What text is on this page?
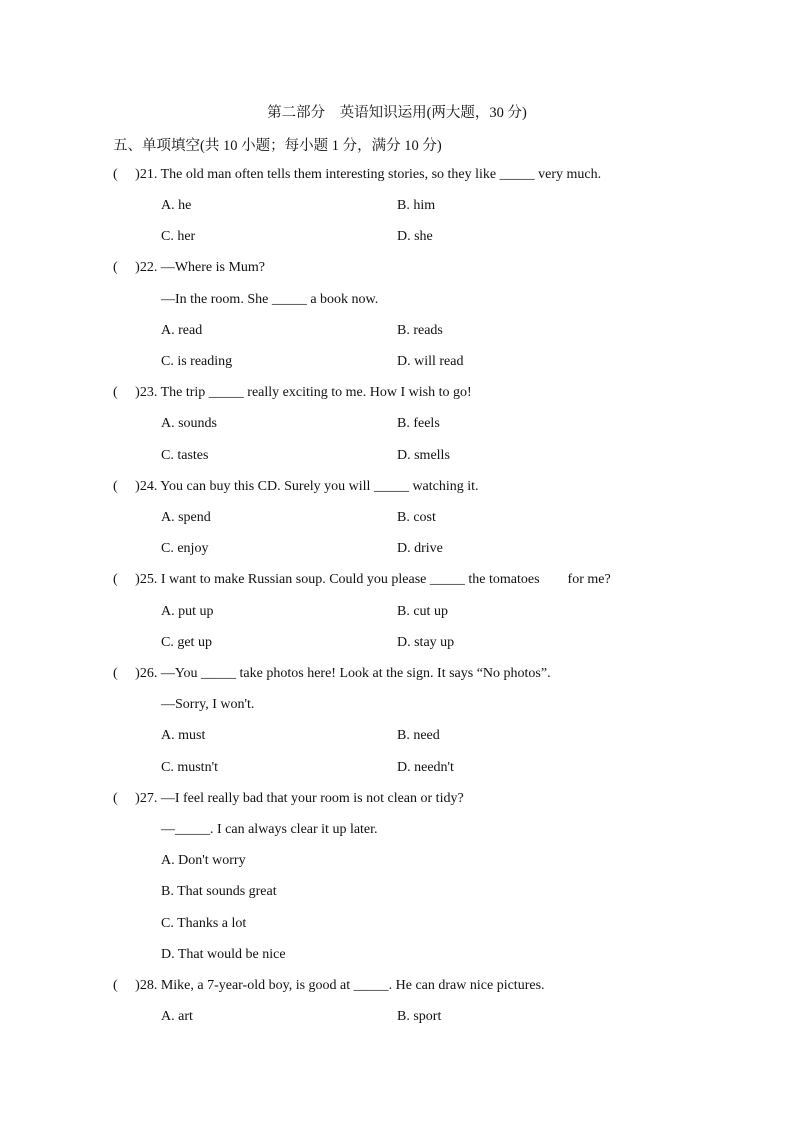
第二部分　英语知识运用(两大题，30 分)
五、单项填空(共 10 小题；每小题 1 分，满分 10 分)
(　 )21. The old man often tells them interesting stories, so they like _____ very much.
A. he	B. him
C. her	D. she
(　 )22. —Where is Mum?
—In the room. She _____ a book now.
A. read	B. reads
C. is reading	D. will read
(　 )23. The trip _____ really exciting to me. How I wish to go!
A. sounds	B. feels
C. tastes	D. smells
(　 )24. You can buy this CD. Surely you will _____ watching it.
A. spend	B. cost
C. enjoy	D. drive
(　 )25. I want to make Russian soup. Could you please _____ the tomatoes　　for me?
A. put up	B. cut up
C. get up	D. stay up
(　 )26. —You _____ take photos here! Look at the sign. It says “No photos”.
—Sorry, I won't.
A. must	B. need
C. mustn't	D. needn't
(　 )27. —I feel really bad that your room is not clean or tidy?
—_____. I can always clear it up later.
A. Don't worry
B. That sounds great
C. Thanks a lot
D. That would be nice
(　 )28. Mike, a 7-year-old boy, is good at _____. He can draw nice pictures.
A. art	B. sport
